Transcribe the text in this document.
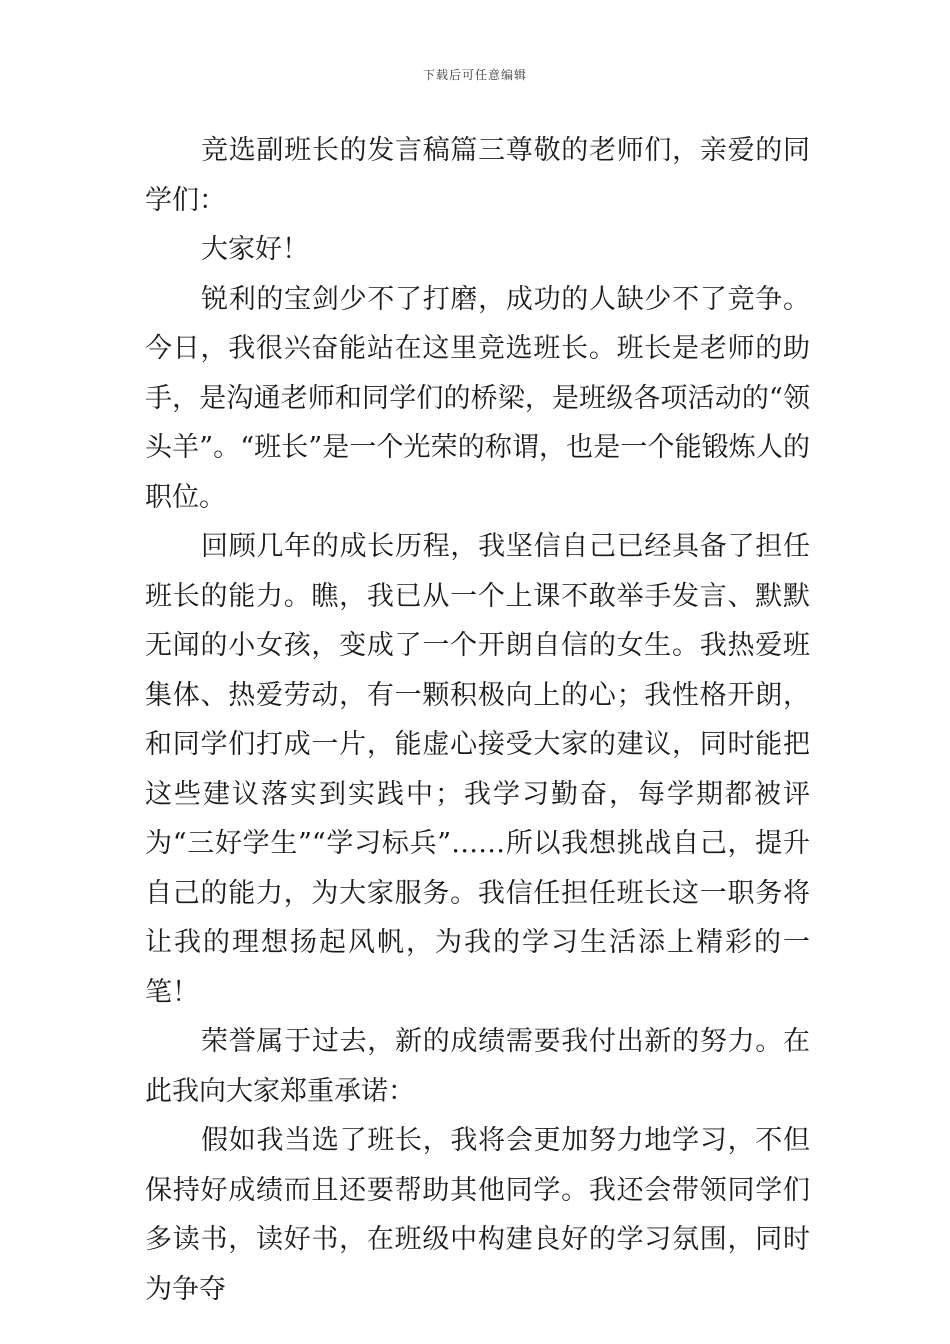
下载后可任意编辑

竞选副班长的发言稿篇三尊敬的老师们，亲爱的同学们：

大家好！

锐利的宝剑少不了打磨，成功的人缺少不了竞争。今日，我很兴奋能站在这里竞选班长。班长是老师的助手，是沟通老师和同学们的桥梁，是班级各项活动的“领头羊”。“班长”是一个光荣的称谓，也是一个能锻炼人的职位。

回顾几年的成长历程，我坚信自己已经具备了担任班长的能力。瞧，我已从一个上课不敢举手发言、默默无闻的小女孩，变成了一个开朗自信的女生。我热爱班集体、热爱劳动，有一颗积极向上的心；我性格开朗，和同学们打成一片，能虚心接受大家的建议，同时能把这些建议落实到实践中；我学习勤奋，每学期都被评为“三好学生”“学习标兵”……所以我想挑战自己，提升自己的能力，为大家服务。我信任担任班长这一职务将让我的理想扬起风帆，为我的学习生活添上精彩的一笔！

荣誉属于过去，新的成绩需要我付出新的努力。在此我向大家郑重承诺：

假如我当选了班长，我将会更加努力地学习，不但保持好成绩而且还要帮助其他同学。我还会带领同学们多读书，读好书，在班级中构建良好的学习氛围，同时为争夺
